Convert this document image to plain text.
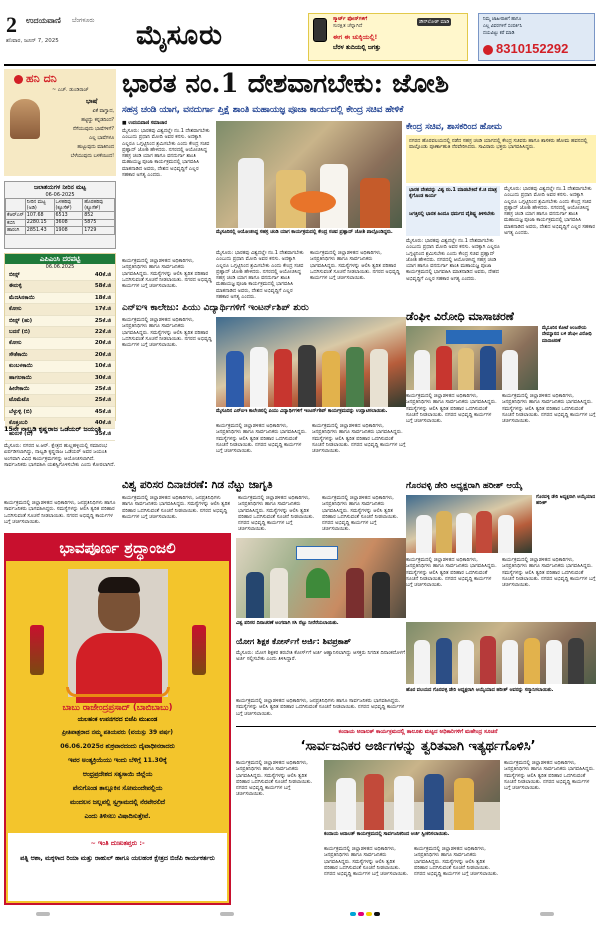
2 ಉದಯವಾಣಿ ಬೆಂಗಳೂರು
ಶನಿವಾರ, ಜೂನ್ 7, 2025	ಮೈಸೂರು
ಸ್ಮಾರ್ಟ್ ಫೋನ್‌ಗಳಿಗೆ
ಸುರಕ್ಷಿತ ಚೆನ್ನಾಗಿದೆ
ಈಗ ಈ ಚುಕ್ಕಿಯಲ್ಲಿ!
ಬೆರಳ ತುದಿಯಲ್ಲಿ ಜಗತ್ತು
ಡೌನ್‌ಲೋಡ್ ಮಾಡಿ
ನಿಮ್ಮ ಜಾಹೀರಾತಿಗೆ ಹಾಗೂ
ಎಲ್ಲ ವಿವರಗಳಿಗೆ ಸಂಪರ್ಕಿಸಿ
ದಯವಿಟ್ಟು ಕರೆ ಮಾಡಿ
8310152292
ಹನಿ ದನಿ
~ ಎಚ್. ಡುಂಡಿರಾಜ್
ಭಾಷೆ
ಏಕೆ ವಾಗ್ವಾದ,
ಹಟ್ಟಿದ್ದು ಕನ್ನಡದಿಂದ?
ನೆಗೆಯುವುದು ಭಾಷೆಗಳಿಗೆ?
ಎಲ್ಲ ಭಾಷೆಗಳೂ
ಹುಟ್ಟುವುದು ಮಾತಿನಿಂದ
ಬೆಳೆಯುವುದು ಬಳಕೆಯಿಂದ!
ಜಲಾಶಯಗಳ ನೀರಿನ ಮಟ್ಟ
06-06-2025
	ನೀರಿನ ಮಟ್ಟ (ಅಡಿ)	ಒಳಹರಿವು (ಕ್ಯೂಸೆಕ್)	ಹೊರಹರಿವು (ಕ್ಯೂಸೆಕ್)
ಕೆಆರ್‌ಎಸ್	107.68	6513	852
ಕಬಿನಿ	2280.15	3608	5875
ಹಾರಂಗಿ	2851.43	1908	1729
ಎಪಿಎಂಸಿ ದರಪಟ್ಟಿ
06.06.2025
ಬೀನ್ಸ್	40ಕೆ.ಜಿ
ಈರುಳ್ಳಿ	58ಕೆ.ಜಿ
ಮೆಣಸಿನಕಾಯಿ	18ಕೆ.ಜಿ
ಕೋಸು	17ಕೆ.ಜಿ
ಬೀನ್ಸ್ (ಹು)	25ಕೆ.ಜಿ
ಬದನೆ (ಬಿ)	22ಕೆ.ಜಿ
ಕೋಸು	20ಕೆ.ಜಿ
ಸೌತೆಕಾಯಿ	20ಕೆ.ಜಿ
ಕುಂಬಳಕಾಯಿ	10ಕೆ.ಜಿ
ಹಾಗಲಕಾಯಿ	30ಕೆ.ಜಿ
ಹೀರೇಕಾಯಿ	25ಕೆ.ಜಿ
ಟೊಮೆಟೊ	25ಕೆ.ಜಿ
ಬೆಳ್ಳುಳ್ಳಿ (ಬಿ)	45ಕೆ.ಜಿ
ಕೊತ್ತಂಬರಿ	40ಕೆ.ಜಿ
ಹುರುಳಿ (ಬಿ)	35ಕೆ.ಜಿ
15ನೇ ನಾಲ್ವಡಿ ಕೃಷ್ಣರಾಜ ಒಡೆಯರ್ ಜಯಂತಿ
ಮೈಸೂರು: ನಗರದ ಅ.ಆರ್. ಕ್ಷೇತ್ರದ ಹುಲ್ಲಹಳ್ಳಿಯಲ್ಲಿ ಸಮಾರಂಭ ಏರ್ಪಡಿಸಲಾಗಿದ್ದು, ನಾಲ್ವಡಿ ಕೃಷ್ಣರಾಜ ಒಡೆಯರ್ ಅವರ ಜಯಂತಿ ಅಂಗವಾಗಿ ವಿವಿಧ ಕಾರ್ಯಕ್ರಮಗಳನ್ನು ಆಯೋಜಿಸಲಾಗಿದೆ. ಸಾರ್ವಜನಿಕರು ಭಾಗವಹಿಸಿ ಯಶಸ್ವಿಗೊಳಿಸಬೇಕು ಎಂದು ಕೋರಲಾಗಿದೆ.
ಭಾವಪೂರ್ಣ ಶ್ರದ್ಧಾಂಜಲಿ
ಬಾಬು ರಾಜೇಂದ್ರಪ್ರಸಾದ್ (ಬಾಬಿಬಾಬು)
ಯಲಹಂಕ ಉಪನಗರದ ಬಿಜೆಪಿ ಮುಖಂಡ
ಪ್ರೀತಿಪಾತ್ರರಾದ ನಮ್ಮ ಪತಿಯವರು (ವಯಸ್ಸು 39 ವರ್ಷ)
06.06.2025ರ ಶುಕ್ರವಾರದಂದು ದೈವಾಧೀನರಾದರು
ಇವರ ಅಂತ್ಯಕ್ರಿಯೆಯು ಇಂದು ಬೆಳಿಗ್ಗೆ 11.30ಕ್ಕೆ
ಆಂಧ್ರಪ್ರದೇಶದ ಸತ್ಯಸಾಯಿ ಜಿಲ್ಲೆಯ
ಪೆನುಗೊಂಡ ತಾಲ್ಲೂಕಿನ ಸೋಮಂದೇಪಲ್ಲಿಯ
ಮಂದಲನ ಜಲ್ಲಪಲ್ಲಿ ಸ್ವಗ್ರಾಮದಲ್ಲಿ ನೆರವೇರಲಿದೆ
ಎಂದು ತಿಳಿಸಲು ವಿಷಾದಿಸುತ್ತೇವೆ.
~ ಇಂತಿ ದುಃಖತಪ್ತರು :-
ಪತ್ನಿ ಆಶಾ, ಮಕ್ಕಳಾದ ರಿಯಾ ಮತ್ತು ರಾಹುಲ್ ಹಾಗೂ ಯಲಹಂಕ ಕ್ಷೇತ್ರದ ಬಿಜೆಪಿ ಕಾರ್ಯಕರ್ತರು
ಕಾರ್ಯಕ್ರಮದಲ್ಲಿ ಜಿಲ್ಲಾಡಳಿತದ ಅಧಿಕಾರಿಗಳು, ಜನಪ್ರತಿನಿಧಿಗಳು ಹಾಗೂ ಸಾರ್ವಜನಿಕರು ಭಾಗವಹಿಸಿದ್ದರು. ಸಮಸ್ಯೆಗಳನ್ನು ಆಲಿಸಿ ತ್ವರಿತ ಪರಿಹಾರ ಒದಗಿಸುವಂತೆ ಸೂಚನೆ ನೀಡಲಾಯಿತು. ನಗರದ ಅಭಿವೃದ್ಧಿ ಕಾರ್ಯಗಳ ಬಗ್ಗೆ ಚರ್ಚಿಸಲಾಯಿತು.
ಭಾರತ ನಂ.1 ದೇಶವಾಗಬೇಕು: ಜೋಶಿ
ಸಹಸ್ರ ಚಂಡಿ ಯಾಗ, ವನದುರ್ಗಾ ಪ್ತಿಕ್ಷೆ ಶಾಂತಿ ಮಹಾಯಜ್ಞ ಪೂಜಾ ಕಾರ್ಯದಲ್ಲಿ ಕೇಂದ್ರ ಸಚಿವ ಹೇಳಿಕೆ
■ ಉದಯವಾಣಿ ಸಮಾಚಾರ
ಮೈಸೂರು: ಭಾರತವು ವಿಶ್ವದಲ್ಲೇ ನಂ.1 ದೇಶವಾಗಬೇಕು ಎಂಬುದು ಪ್ರಧಾನಿ ಮೋದಿ ಅವರ ಕನಸು. ಅದಕ್ಕಾಗಿ ಎಲ್ಲರೂ ಒಗ್ಗಟ್ಟಿನಿಂದ ಶ್ರಮಿಸಬೇಕು ಎಂದು ಕೇಂದ್ರ ಸಚಿವ ಪ್ರಹ್ಲಾದ್ ಜೋಶಿ ಹೇಳಿದರು. ನಗರದಲ್ಲಿ ಆಯೋಜಿಸಿದ್ದ ಸಹಸ್ರ ಚಂಡಿ ಯಾಗ ಹಾಗೂ ವನದುರ್ಗಾ ಶಾಂತಿ ಮಹಾಯಜ್ಞ ಪೂಜಾ ಕಾರ್ಯಕ್ರಮದಲ್ಲಿ ಭಾಗವಹಿಸಿ ಮಾತನಾಡಿದ ಅವರು, ದೇಶದ ಅಭಿವೃದ್ಧಿಗೆ ಎಲ್ಲರ ಸಹಕಾರ ಅಗತ್ಯ ಎಂದರು.
ಕಾರ್ಯಕ್ರಮದಲ್ಲಿ ಜಿಲ್ಲಾಡಳಿತದ ಅಧಿಕಾರಿಗಳು, ಜನಪ್ರತಿನಿಧಿಗಳು ಹಾಗೂ ಸಾರ್ವಜನಿಕರು ಭಾಗವಹಿಸಿದ್ದರು. ಸಮಸ್ಯೆಗಳನ್ನು ಆಲಿಸಿ ತ್ವರಿತ ಪರಿಹಾರ ಒದಗಿಸುವಂತೆ ಸೂಚನೆ ನೀಡಲಾಯಿತು. ನಗರದ ಅಭಿವೃದ್ಧಿ ಕಾರ್ಯಗಳ ಬಗ್ಗೆ ಚರ್ಚಿಸಲಾಯಿತು.
ಮೈಸೂರಿನಲ್ಲಿ ಆಯೋಜಿಸಿದ್ದ ಸಹಸ್ರ ಚಂಡಿ ಯಾಗ ಕಾರ್ಯಕ್ರಮದಲ್ಲಿ ಕೇಂದ್ರ ಸಚಿವ ಪ್ರಹ್ಲಾದ್ ಜೋಶಿ ಪಾಲ್ಗೊಂಡಿದ್ದರು.
ಮೈಸೂರು: ಭಾರತವು ವಿಶ್ವದಲ್ಲೇ ನಂ.1 ದೇಶವಾಗಬೇಕು ಎಂಬುದು ಪ್ರಧಾನಿ ಮೋದಿ ಅವರ ಕನಸು. ಅದಕ್ಕಾಗಿ ಎಲ್ಲರೂ ಒಗ್ಗಟ್ಟಿನಿಂದ ಶ್ರಮಿಸಬೇಕು ಎಂದು ಕೇಂದ್ರ ಸಚಿವ ಪ್ರಹ್ಲಾದ್ ಜೋಶಿ ಹೇಳಿದರು. ನಗರದಲ್ಲಿ ಆಯೋಜಿಸಿದ್ದ ಸಹಸ್ರ ಚಂಡಿ ಯಾಗ ಹಾಗೂ ವನದುರ್ಗಾ ಶಾಂತಿ ಮಹಾಯಜ್ಞ ಪೂಜಾ ಕಾರ್ಯಕ್ರಮದಲ್ಲಿ ಭಾಗವಹಿಸಿ ಮಾತನಾಡಿದ ಅವರು, ದೇಶದ ಅಭಿವೃದ್ಧಿಗೆ ಎಲ್ಲರ ಸಹಕಾರ ಅಗತ್ಯ ಎಂದರು.
ಕಾರ್ಯಕ್ರಮದಲ್ಲಿ ಜಿಲ್ಲಾಡಳಿತದ ಅಧಿಕಾರಿಗಳು, ಜನಪ್ರತಿನಿಧಿಗಳು ಹಾಗೂ ಸಾರ್ವಜನಿಕರು ಭಾಗವಹಿಸಿದ್ದರು. ಸಮಸ್ಯೆಗಳನ್ನು ಆಲಿಸಿ ತ್ವರಿತ ಪರಿಹಾರ ಒದಗಿಸುವಂತೆ ಸೂಚನೆ ನೀಡಲಾಯಿತು. ನಗರದ ಅಭಿವೃದ್ಧಿ ಕಾರ್ಯಗಳ ಬಗ್ಗೆ ಚರ್ಚಿಸಲಾಯಿತು.
ಕೇಂದ್ರ ಸಚಿವ, ಶಾಸಕರಿಂದ ಹೋಮ
ನಗರದ ಹೊರವಲಯದಲ್ಲಿ ನಡೆದ ಸಹಸ್ರ ಚಂಡಿ ಯಾಗದಲ್ಲಿ ಕೇಂದ್ರ ಸಚಿವರು ಹಾಗೂ ಶಾಸಕರು ಹೋಮ ಹವನದಲ್ಲಿ ಪಾಲ್ಗೊಂಡು ಪೂರ್ಣಾಹುತಿ ನೆರವೇರಿಸಿದರು. ಸಾವಿರಾರು ಭಕ್ತರು ಭಾಗವಹಿಸಿದ್ದರು.
ಭಾರತ ದೇಶವನ್ನು ವಿಶ್ವ ನಂ.1 ಮಾಡಬೇಕಿದೆ ಕೆ.ಜಿ ಮಾತ್ರ ಕೈಗೊಂಡ ಕಾರ್ಯ
ಜಗತ್ತಿನಲ್ಲಿ ಭಾರತ ಹಿಂದೂ ಧರ್ಮದ ವೈಶಿಷ್ಟ್ಯ ತಿಳಿಸಬೇಕು
ಮೈಸೂರು: ಭಾರತವು ವಿಶ್ವದಲ್ಲೇ ನಂ.1 ದೇಶವಾಗಬೇಕು ಎಂಬುದು ಪ್ರಧಾನಿ ಮೋದಿ ಅವರ ಕನಸು. ಅದಕ್ಕಾಗಿ ಎಲ್ಲರೂ ಒಗ್ಗಟ್ಟಿನಿಂದ ಶ್ರಮಿಸಬೇಕು ಎಂದು ಕೇಂದ್ರ ಸಚಿವ ಪ್ರಹ್ಲಾದ್ ಜೋಶಿ ಹೇಳಿದರು. ನಗರದಲ್ಲಿ ಆಯೋಜಿಸಿದ್ದ ಸಹಸ್ರ ಚಂಡಿ ಯಾಗ ಹಾಗೂ ವನದುರ್ಗಾ ಶಾಂತಿ ಮಹಾಯಜ್ಞ ಪೂಜಾ ಕಾರ್ಯಕ್ರಮದಲ್ಲಿ ಭಾಗವಹಿಸಿ ಮಾತನಾಡಿದ ಅವರು, ದೇಶದ ಅಭಿವೃದ್ಧಿಗೆ ಎಲ್ಲರ ಸಹಕಾರ ಅಗತ್ಯ ಎಂದರು.
ಮೈಸೂರು: ಭಾರತವು ವಿಶ್ವದಲ್ಲೇ ನಂ.1 ದೇಶವಾಗಬೇಕು ಎಂಬುದು ಪ್ರಧಾನಿ ಮೋದಿ ಅವರ ಕನಸು. ಅದಕ್ಕಾಗಿ ಎಲ್ಲರೂ ಒಗ್ಗಟ್ಟಿನಿಂದ ಶ್ರಮಿಸಬೇಕು ಎಂದು ಕೇಂದ್ರ ಸಚಿವ ಪ್ರಹ್ಲಾದ್ ಜೋಶಿ ಹೇಳಿದರು. ನಗರದಲ್ಲಿ ಆಯೋಜಿಸಿದ್ದ ಸಹಸ್ರ ಚಂಡಿ ಯಾಗ ಹಾಗೂ ವನದುರ್ಗಾ ಶಾಂತಿ ಮಹಾಯಜ್ಞ ಪೂಜಾ ಕಾರ್ಯಕ್ರಮದಲ್ಲಿ ಭಾಗವಹಿಸಿ ಮಾತನಾಡಿದ ಅವರು, ದೇಶದ ಅಭಿವೃದ್ಧಿಗೆ ಎಲ್ಲರ ಸಹಕಾರ ಅಗತ್ಯ ಎಂದರು.
ಎನ್‌ಐಇ ಕಾಲೇಜು: ಪಿಯು ವಿದ್ಯಾರ್ಥಿಗಳಿಗೆ ಇಂಟರ್ನ್‌ಶಿಪ್ ಶುರು
ಕಾರ್ಯಕ್ರಮದಲ್ಲಿ ಜಿಲ್ಲಾಡಳಿತದ ಅಧಿಕಾರಿಗಳು, ಜನಪ್ರತಿನಿಧಿಗಳು ಹಾಗೂ ಸಾರ್ವಜನಿಕರು ಭಾಗವಹಿಸಿದ್ದರು. ಸಮಸ್ಯೆಗಳನ್ನು ಆಲಿಸಿ ತ್ವರಿತ ಪರಿಹಾರ ಒದಗಿಸುವಂತೆ ಸೂಚನೆ ನೀಡಲಾಯಿತು. ನಗರದ ಅಭಿವೃದ್ಧಿ ಕಾರ್ಯಗಳ ಬಗ್ಗೆ ಚರ್ಚಿಸಲಾಯಿತು.
ಮೈಸೂರಿನ ಎನ್‌ಐಇ ಕಾಲೇಜಿನಲ್ಲಿ ಪಿಯು ವಿದ್ಯಾರ್ಥಿಗಳಿಗೆ ಇಂಟರ್ನ್‌ಶಿಪ್ ಕಾರ್ಯಕ್ರಮವನ್ನು ಉದ್ಘಾಟಿಸಲಾಯಿತು.
ಕಾರ್ಯಕ್ರಮದಲ್ಲಿ ಜಿಲ್ಲಾಡಳಿತದ ಅಧಿಕಾರಿಗಳು, ಜನಪ್ರತಿನಿಧಿಗಳು ಹಾಗೂ ಸಾರ್ವಜನಿಕರು ಭಾಗವಹಿಸಿದ್ದರು. ಸಮಸ್ಯೆಗಳನ್ನು ಆಲಿಸಿ ತ್ವರಿತ ಪರಿಹಾರ ಒದಗಿಸುವಂತೆ ಸೂಚನೆ ನೀಡಲಾಯಿತು. ನಗರದ ಅಭಿವೃದ್ಧಿ ಕಾರ್ಯಗಳ ಬಗ್ಗೆ ಚರ್ಚಿಸಲಾಯಿತು.
ಕಾರ್ಯಕ್ರಮದಲ್ಲಿ ಜಿಲ್ಲಾಡಳಿತದ ಅಧಿಕಾರಿಗಳು, ಜನಪ್ರತಿನಿಧಿಗಳು ಹಾಗೂ ಸಾರ್ವಜನಿಕರು ಭಾಗವಹಿಸಿದ್ದರು. ಸಮಸ್ಯೆಗಳನ್ನು ಆಲಿಸಿ ತ್ವರಿತ ಪರಿಹಾರ ಒದಗಿಸುವಂತೆ ಸೂಚನೆ ನೀಡಲಾಯಿತು. ನಗರದ ಅಭಿವೃದ್ಧಿ ಕಾರ್ಯಗಳ ಬಗ್ಗೆ ಚರ್ಚಿಸಲಾಯಿತು.
ಡೆಂಘೀ ವಿರೋಧಿ ಮಾಸಾಚರಣೆ
ಮೈಸೂರಿನ ಕೋಟೆ ಆಂಜನೇಯ ದೇವಸ್ಥಾನದ ಬಳಿ ಡೆಂಘೀ ವಿರೋಧಿ ಮಾಸಾಚರಣೆ
ಕಾರ್ಯಕ್ರಮದಲ್ಲಿ ಜಿಲ್ಲಾಡಳಿತದ ಅಧಿಕಾರಿಗಳು, ಜನಪ್ರತಿನಿಧಿಗಳು ಹಾಗೂ ಸಾರ್ವಜನಿಕರು ಭಾಗವಹಿಸಿದ್ದರು. ಸಮಸ್ಯೆಗಳನ್ನು ಆಲಿಸಿ ತ್ವರಿತ ಪರಿಹಾರ ಒದಗಿಸುವಂತೆ ಸೂಚನೆ ನೀಡಲಾಯಿತು. ನಗರದ ಅಭಿವೃದ್ಧಿ ಕಾರ್ಯಗಳ ಬಗ್ಗೆ ಚರ್ಚಿಸಲಾಯಿತು.
ಕಾರ್ಯಕ್ರಮದಲ್ಲಿ ಜಿಲ್ಲಾಡಳಿತದ ಅಧಿಕಾರಿಗಳು, ಜನಪ್ರತಿನಿಧಿಗಳು ಹಾಗೂ ಸಾರ್ವಜನಿಕರು ಭಾಗವಹಿಸಿದ್ದರು. ಸಮಸ್ಯೆಗಳನ್ನು ಆಲಿಸಿ ತ್ವರಿತ ಪರಿಹಾರ ಒದಗಿಸುವಂತೆ ಸೂಚನೆ ನೀಡಲಾಯಿತು. ನಗರದ ಅಭಿವೃದ್ಧಿ ಕಾರ್ಯಗಳ ಬಗ್ಗೆ ಚರ್ಚಿಸಲಾಯಿತು.
ವಿಶ್ವ ಪರಿಸರ ದಿನಾಚರಣೆ: ಗಿಡ ನೆಟ್ಟು ಜಾಗೃತಿ
ಕಾರ್ಯಕ್ರಮದಲ್ಲಿ ಜಿಲ್ಲಾಡಳಿತದ ಅಧಿಕಾರಿಗಳು, ಜನಪ್ರತಿನಿಧಿಗಳು ಹಾಗೂ ಸಾರ್ವಜನಿಕರು ಭಾಗವಹಿಸಿದ್ದರು. ಸಮಸ್ಯೆಗಳನ್ನು ಆಲಿಸಿ ತ್ವರಿತ ಪರಿಹಾರ ಒದಗಿಸುವಂತೆ ಸೂಚನೆ ನೀಡಲಾಯಿತು. ನಗರದ ಅಭಿವೃದ್ಧಿ ಕಾರ್ಯಗಳ ಬಗ್ಗೆ ಚರ್ಚಿಸಲಾಯಿತು.
ಕಾರ್ಯಕ್ರಮದಲ್ಲಿ ಜಿಲ್ಲಾಡಳಿತದ ಅಧಿಕಾರಿಗಳು, ಜನಪ್ರತಿನಿಧಿಗಳು ಹಾಗೂ ಸಾರ್ವಜನಿಕರು ಭಾಗವಹಿಸಿದ್ದರು. ಸಮಸ್ಯೆಗಳನ್ನು ಆಲಿಸಿ ತ್ವರಿತ ಪರಿಹಾರ ಒದಗಿಸುವಂತೆ ಸೂಚನೆ ನೀಡಲಾಯಿತು. ನಗರದ ಅಭಿವೃದ್ಧಿ ಕಾರ್ಯಗಳ ಬಗ್ಗೆ ಚರ್ಚಿಸಲಾಯಿತು.
ಕಾರ್ಯಕ್ರಮದಲ್ಲಿ ಜಿಲ್ಲಾಡಳಿತದ ಅಧಿಕಾರಿಗಳು, ಜನಪ್ರತಿನಿಧಿಗಳು ಹಾಗೂ ಸಾರ್ವಜನಿಕರು ಭಾಗವಹಿಸಿದ್ದರು. ಸಮಸ್ಯೆಗಳನ್ನು ಆಲಿಸಿ ತ್ವರಿತ ಪರಿಹಾರ ಒದಗಿಸುವಂತೆ ಸೂಚನೆ ನೀಡಲಾಯಿತು. ನಗರದ ಅಭಿವೃದ್ಧಿ ಕಾರ್ಯಗಳ ಬಗ್ಗೆ ಚರ್ಚಿಸಲಾಯಿತು.
ವಿಶ್ವ ಪರಿಸರ ದಿನಾಚರಣೆ ಅಂಗವಾಗಿ ಸಸಿ ನೆಟ್ಟು ನೀರೆರೆಯಲಾಯಿತು.
ಯೋಗ ಶಿಕ್ಷಕ ಕೋರ್ಸ್‌ಗೆ ಅರ್ಜಿ: ಶಿವಪ್ರಕಾಶ್
ಮೈಸೂರು: ಯೋಗ ಶಿಕ್ಷಕರ ತರಬೇತಿ ಕೋರ್ಸ್‌ಗೆ ಅರ್ಜಿ ಆಹ್ವಾನಿಸಲಾಗಿದ್ದು ಆಸಕ್ತರು ನಿಗದಿತ ದಿನಾಂಕದೊಳಗೆ ಅರ್ಜಿ ಸಲ್ಲಿಸಬೇಕು ಎಂದು ತಿಳಿಸಿದ್ದಾರೆ.
ಕಾರ್ಯಕ್ರಮದಲ್ಲಿ ಜಿಲ್ಲಾಡಳಿತದ ಅಧಿಕಾರಿಗಳು, ಜನಪ್ರತಿನಿಧಿಗಳು ಹಾಗೂ ಸಾರ್ವಜನಿಕರು ಭಾಗವಹಿಸಿದ್ದರು. ಸಮಸ್ಯೆಗಳನ್ನು ಆಲಿಸಿ ತ್ವರಿತ ಪರಿಹಾರ ಒದಗಿಸುವಂತೆ ಸೂಚನೆ ನೀಡಲಾಯಿತು. ನಗರದ ಅಭಿವೃದ್ಧಿ ಕಾರ್ಯಗಳ ಬಗ್ಗೆ ಚರ್ಚಿಸಲಾಯಿತು.
ಗೊರವಳ್ಳಿ ಡೇರಿ ಅಧ್ಯಕ್ಷರಾಗಿ ಹರೀಶ್ ಆಯ್ಕೆ
ಗೊರವಳ್ಳಿ ಡೇರಿ ಅಧ್ಯಕ್ಷರಾಗಿ ಆಯ್ಕೆಯಾದ ಹರೀಶ್
ಕಾರ್ಯಕ್ರಮದಲ್ಲಿ ಜಿಲ್ಲಾಡಳಿತದ ಅಧಿಕಾರಿಗಳು, ಜನಪ್ರತಿನಿಧಿಗಳು ಹಾಗೂ ಸಾರ್ವಜನಿಕರು ಭಾಗವಹಿಸಿದ್ದರು. ಸಮಸ್ಯೆಗಳನ್ನು ಆಲಿಸಿ ತ್ವರಿತ ಪರಿಹಾರ ಒದಗಿಸುವಂತೆ ಸೂಚನೆ ನೀಡಲಾಯಿತು. ನಗರದ ಅಭಿವೃದ್ಧಿ ಕಾರ್ಯಗಳ ಬಗ್ಗೆ ಚರ್ಚಿಸಲಾಯಿತು.
ಕಾರ್ಯಕ್ರಮದಲ್ಲಿ ಜಿಲ್ಲಾಡಳಿತದ ಅಧಿಕಾರಿಗಳು, ಜನಪ್ರತಿನಿಧಿಗಳು ಹಾಗೂ ಸಾರ್ವಜನಿಕರು ಭಾಗವಹಿಸಿದ್ದರು. ಸಮಸ್ಯೆಗಳನ್ನು ಆಲಿಸಿ ತ್ವರಿತ ಪರಿಹಾರ ಒದಗಿಸುವಂತೆ ಸೂಚನೆ ನೀಡಲಾಯಿತು. ನಗರದ ಅಭಿವೃದ್ಧಿ ಕಾರ್ಯಗಳ ಬಗ್ಗೆ ಚರ್ಚಿಸಲಾಯಿತು.
ಹೊರ ವಲಯದ ಗೊರವಳ್ಳಿ ಡೇರಿ ಅಧ್ಯಕ್ಷರಾಗಿ ಆಯ್ಕೆಯಾದ ಹರೀಶ್ ಅವರನ್ನು ಸನ್ಮಾನಿಸಲಾಯಿತು.
ಕಂದಾಯ ಅದಾಲತ್ ಕಾರ್ಯಕ್ರಮದಲ್ಲಿ ತಾಲೂಕು ಮಟ್ಟದ ಅಧಿಕಾರಿಗಳಿಗೆ ಮಹೇಂದ್ರ ಸೂಚನೆ
‘ಸಾರ್ವಜನಿಕರ ಅರ್ಜಿಗಳನ್ನು ತ್ವರಿತವಾಗಿ ಇತ್ಯರ್ಥಗೊಳಿಸಿ’
ಕಾರ್ಯಕ್ರಮದಲ್ಲಿ ಜಿಲ್ಲಾಡಳಿತದ ಅಧಿಕಾರಿಗಳು, ಜನಪ್ರತಿನಿಧಿಗಳು ಹಾಗೂ ಸಾರ್ವಜನಿಕರು ಭಾಗವಹಿಸಿದ್ದರು. ಸಮಸ್ಯೆಗಳನ್ನು ಆಲಿಸಿ ತ್ವರಿತ ಪರಿಹಾರ ಒದಗಿಸುವಂತೆ ಸೂಚನೆ ನೀಡಲಾಯಿತು. ನಗರದ ಅಭಿವೃದ್ಧಿ ಕಾರ್ಯಗಳ ಬಗ್ಗೆ ಚರ್ಚಿಸಲಾಯಿತು.
ಕಂದಾಯ ಅದಾಲತ್ ಕಾರ್ಯಕ್ರಮದಲ್ಲಿ ಸಾರ್ವಜನಿಕರಿಂದ ಅರ್ಜಿ ಸ್ವೀಕರಿಸಲಾಯಿತು.
ಕಾರ್ಯಕ್ರಮದಲ್ಲಿ ಜಿಲ್ಲಾಡಳಿತದ ಅಧಿಕಾರಿಗಳು, ಜನಪ್ರತಿನಿಧಿಗಳು ಹಾಗೂ ಸಾರ್ವಜನಿಕರು ಭಾಗವಹಿಸಿದ್ದರು. ಸಮಸ್ಯೆಗಳನ್ನು ಆಲಿಸಿ ತ್ವರಿತ ಪರಿಹಾರ ಒದಗಿಸುವಂತೆ ಸೂಚನೆ ನೀಡಲಾಯಿತು. ನಗರದ ಅಭಿವೃದ್ಧಿ ಕಾರ್ಯಗಳ ಬಗ್ಗೆ ಚರ್ಚಿಸಲಾಯಿತು.
ಕಾರ್ಯಕ್ರಮದಲ್ಲಿ ಜಿಲ್ಲಾಡಳಿತದ ಅಧಿಕಾರಿಗಳು, ಜನಪ್ರತಿನಿಧಿಗಳು ಹಾಗೂ ಸಾರ್ವಜನಿಕರು ಭಾಗವಹಿಸಿದ್ದರು. ಸಮಸ್ಯೆಗಳನ್ನು ಆಲಿಸಿ ತ್ವರಿತ ಪರಿಹಾರ ಒದಗಿಸುವಂತೆ ಸೂಚನೆ ನೀಡಲಾಯಿತು. ನಗರದ ಅಭಿವೃದ್ಧಿ ಕಾರ್ಯಗಳ ಬಗ್ಗೆ ಚರ್ಚಿಸಲಾಯಿತು.
ಕಾರ್ಯಕ್ರಮದಲ್ಲಿ ಜಿಲ್ಲಾಡಳಿತದ ಅಧಿಕಾರಿಗಳು, ಜನಪ್ರತಿನಿಧಿಗಳು ಹಾಗೂ ಸಾರ್ವಜನಿಕರು ಭಾಗವಹಿಸಿದ್ದರು. ಸಮಸ್ಯೆಗಳನ್ನು ಆಲಿಸಿ ತ್ವರಿತ ಪರಿಹಾರ ಒದಗಿಸುವಂತೆ ಸೂಚನೆ ನೀಡಲಾಯಿತು. ನಗರದ ಅಭಿವೃದ್ಧಿ ಕಾರ್ಯಗಳ ಬಗ್ಗೆ ಚರ್ಚಿಸಲಾಯಿತು.
